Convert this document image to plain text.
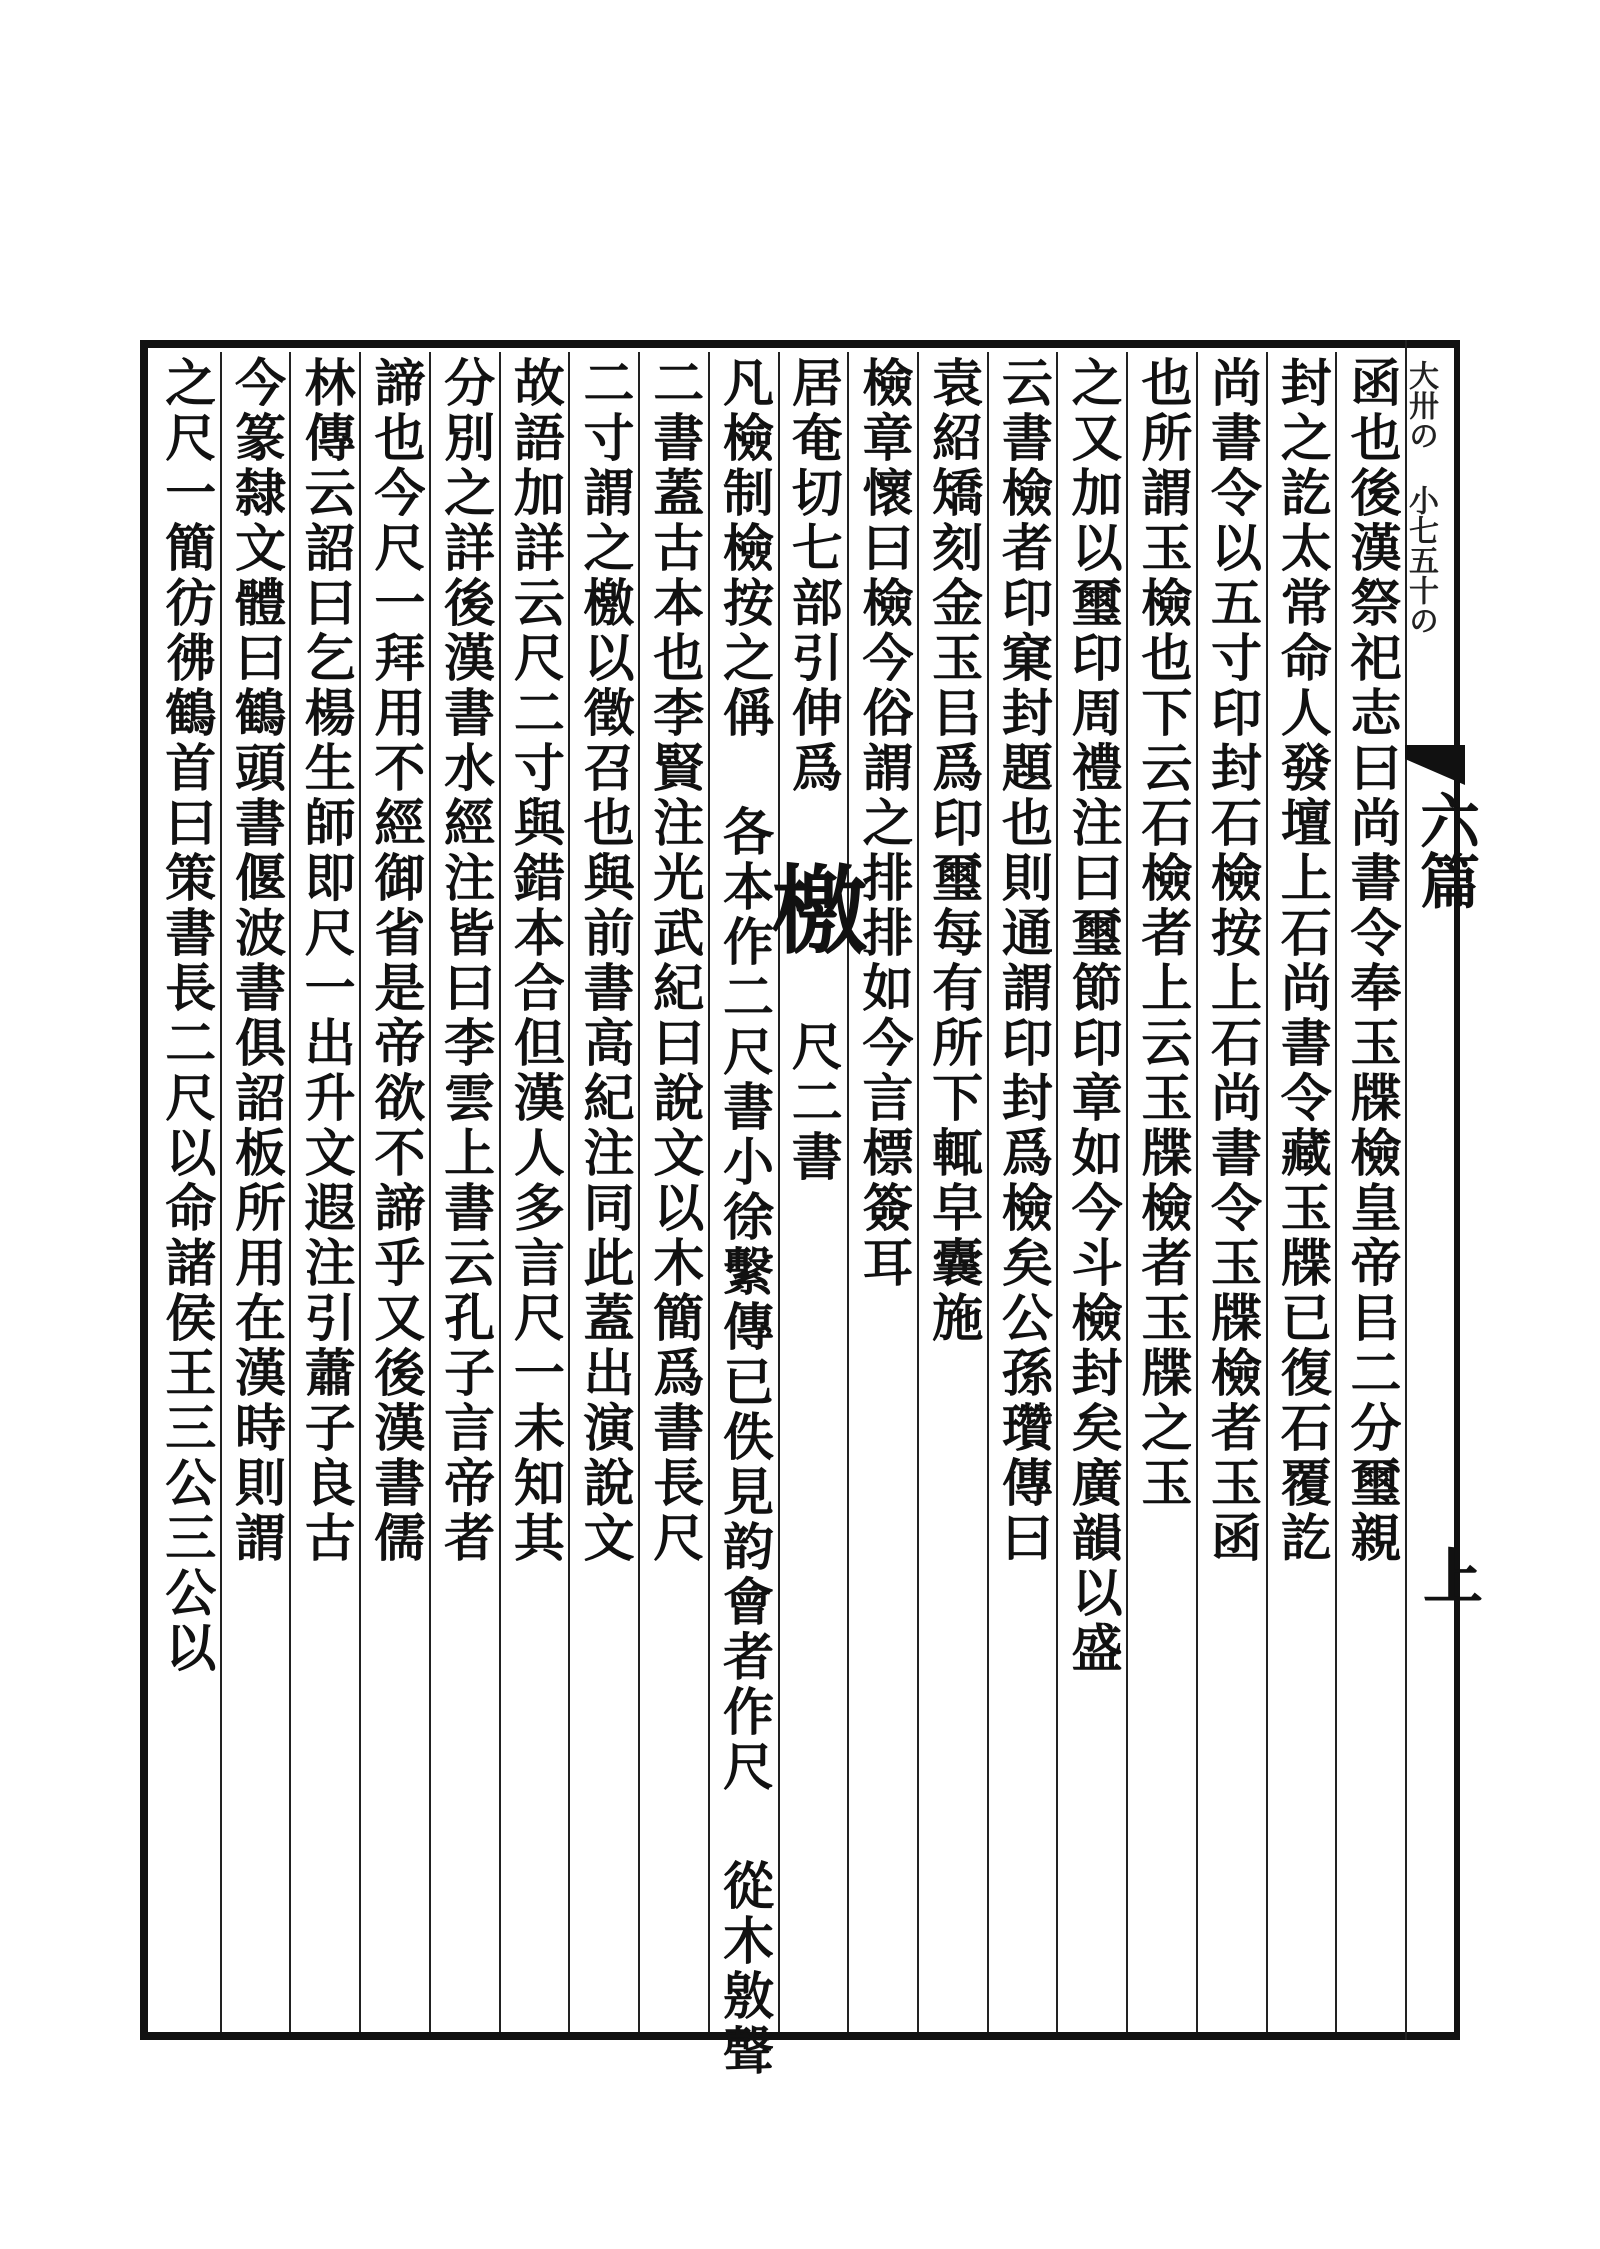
函也後漢祭祀志曰尚書令奉玉牒檢皇帝㠯二分璽親
封之訖太常命人發壇上石尚書令藏玉牒已復石覆訖
尚書令以五寸印封石檢按上石尚書令玉牒檢者玉函
也所謂玉檢也下云石檢者上云玉牒檢者玉牒之玉
之又加以璽印周禮注曰璽節印章如今斗檢封矣廣韻以盛
云書檢者印窠封題也則通謂印封爲檢矣公孫瓚傳曰
袁紹矯刻金玉㠯爲印璽每有所下輒皁囊施
檢章懷曰檢今俗謂之排排如今言標簽耳
居奄切七部引伸爲 檄 尺二書
凡檢制檢按之偁 各本作二尺書小徐繫傳已佚見韵會者作尺 從木敫聲
二書蓋古本也李賢注光武紀曰說文以木簡爲書長尺
二寸謂之檄以徵召也與前書高紀注同此蓋出演說文
故語加詳云尺二寸與錯本合但漢人多言尺一未知其
分別之詳後漢書水經注皆曰李雲上書云孔子言帝者
諦也今尺一拜用不經御省是帝欲不諦乎又後漢書儒
林傳云詔曰乞楊生師即尺一出升文遐注引蕭子良古
今篆隸文體曰鶴頭書偃波書俱詔板所用在漢時則謂
之尺一簡彷彿鶴首曰策書長二尺以命諸侯王三公三公以	大卅の 小七五十の
六篇
上
